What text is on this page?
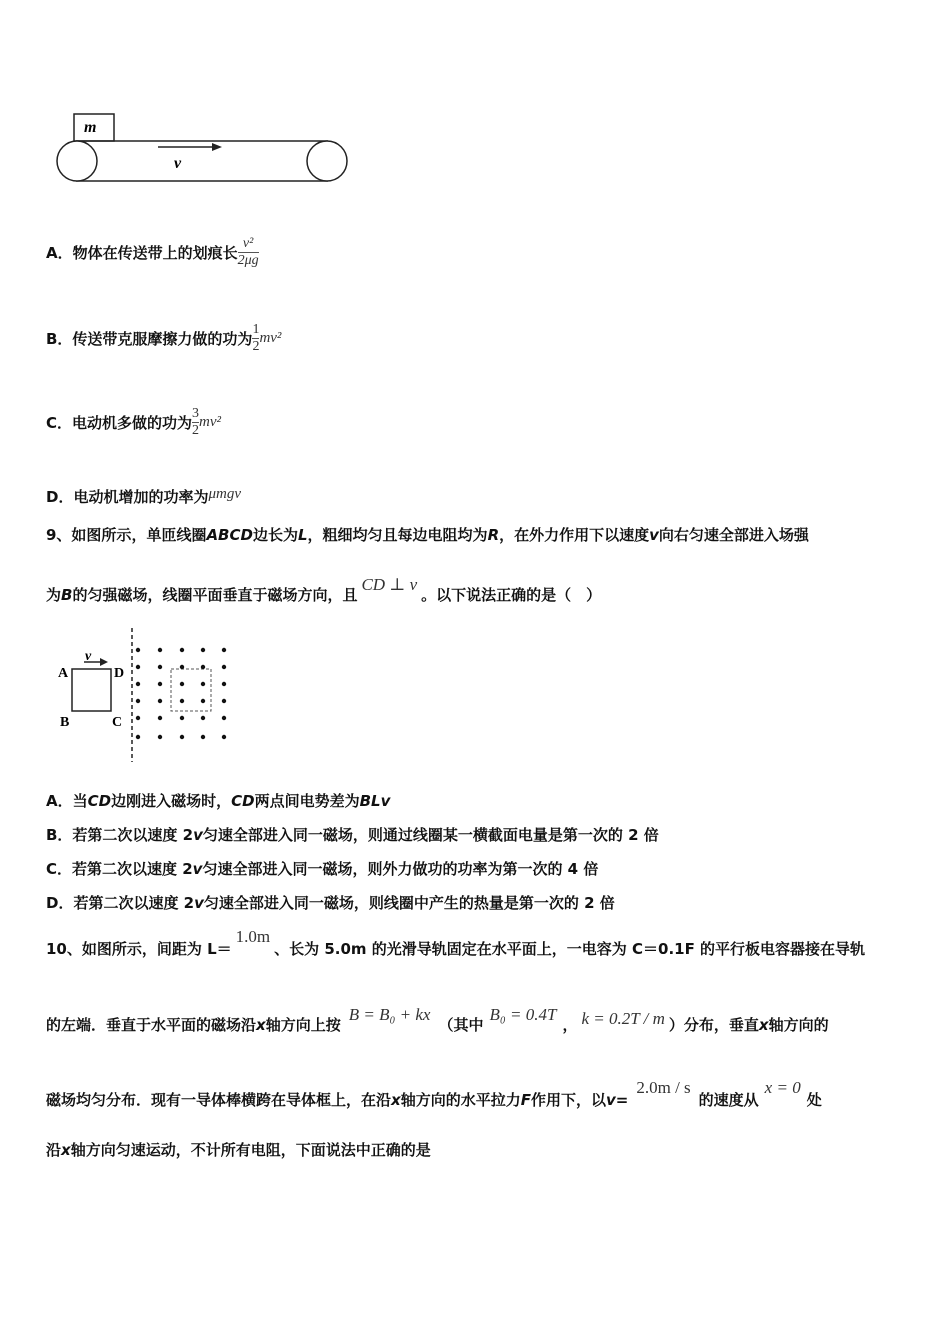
m
v
A．物体在传送带上的划痕长 $\frac{\text{v²}}{2\mu g}$
B．传送带克服摩擦力做的功为 $\frac{1}{2} mv^2$
C．电动机多做的功为 $\frac{3}{2} mv^2$
D．电动机增加的功率为μmgv
9、如图所示，单匝线圈ABCD边长为L，粗细均匀且每边电阻均为R，在外力作用下以速度v向右匀速全部进入场强
为B的匀强磁场，线圈平面垂直于磁场方向，且CD ⊥ v。以下说法正确的是（　）
v
A	D
B	C
A．当CD边刚进入磁场时，CD两点间电势差为BLv
B．若第二次以速度 2v匀速全部进入同一磁场，则通过线圈某一横截面电量是第一次的 2 倍
C．若第二次以速度 2v匀速全部进入同一磁场，则外力做功的功率为第一次的 4 倍
D．若第二次以速度 2v匀速全部进入同一磁场，则线圈中产生的热量是第一次的 2 倍
10、如图所示，间距为 L＝1.0m、长为 5.0m 的光滑导轨固定在水平面上，一电容为 C＝0.1F 的平行板电容器接在导轨
的左端．垂直于水平面的磁场沿x轴方向上按B = B₀ + kx（其中B₀ = 0.4T， k = 0.2T / m ）分布，垂直x轴方向的
磁场均匀分布．现有一导体棒横跨在导体框上，在沿x轴方向的水平拉力F作用下，以v=2.0m / s的速度从x = 0处
沿x轴方向匀速运动，不计所有电阻，下面说法中正确的是
